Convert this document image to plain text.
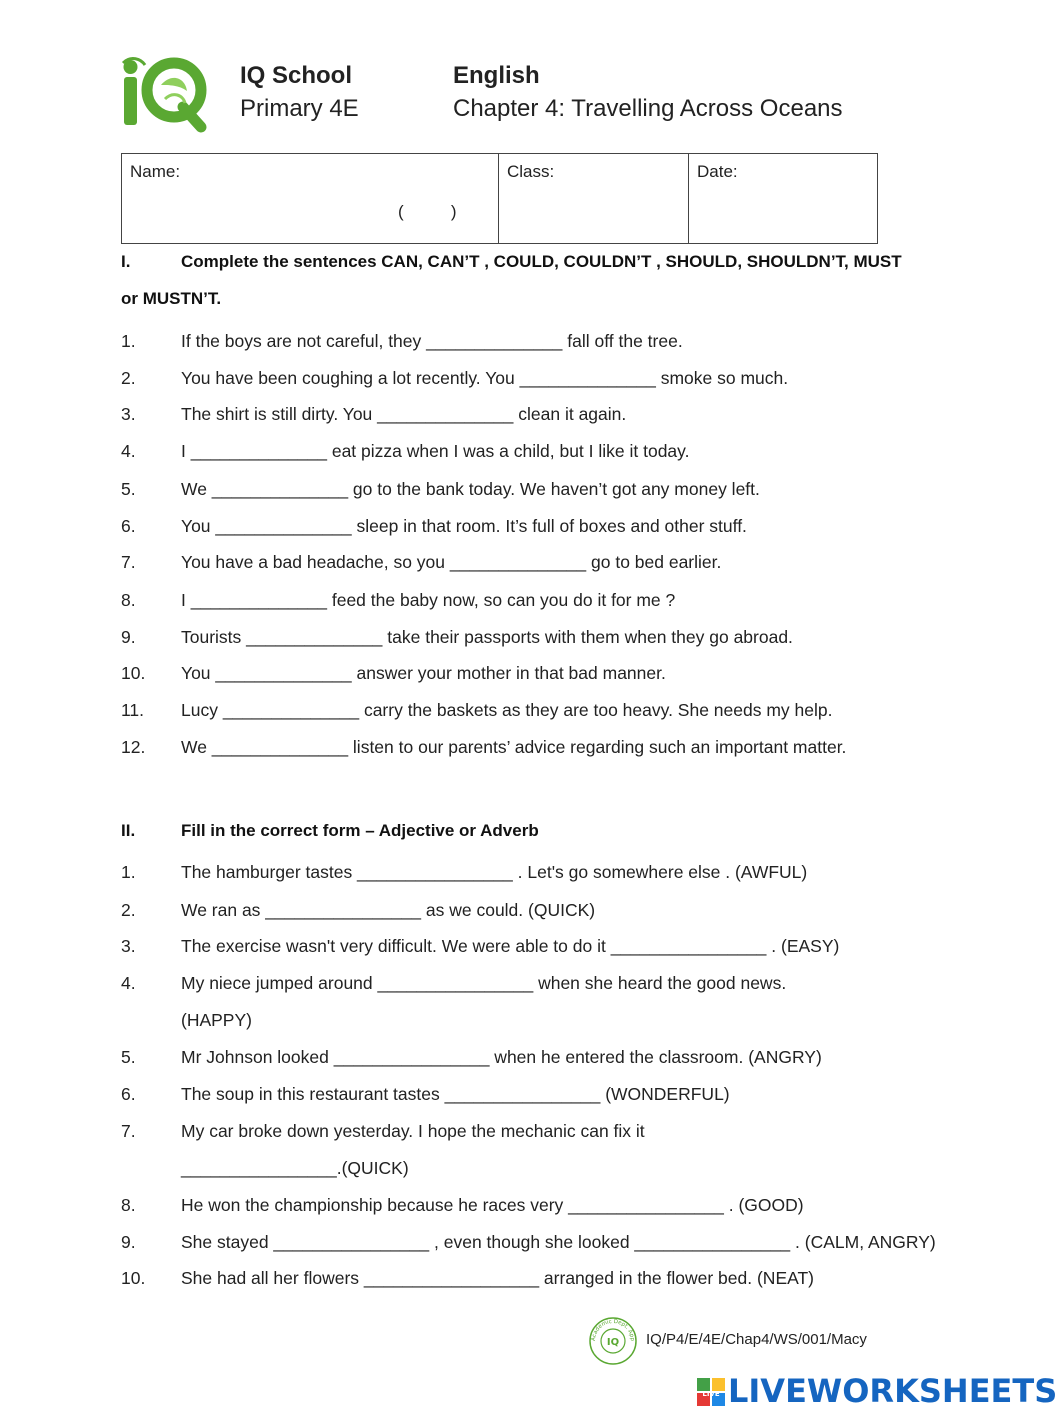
IQ School
Primary 4E
English
Chapter 4: Travelling Across Oceans
Name:	Class:	Date:
(          )
I.	Complete the sentences CAN, CAN’T , COULD, COULDN’T , SHOULD, SHOULDN’T, MUST
or MUSTN’T.
1.	If the boys are not careful, they ______________ fall off the tree.
2.	You have been coughing a lot recently. You ______________ smoke so much.
3.	The shirt is still dirty. You ______________ clean it again.
4.	I ______________ eat pizza when I was a child, but I like it today.
5.	We ______________ go to the bank today. We haven’t got any money left.
6.	You ______________ sleep in that room. It’s full of boxes and other stuff.
7.	You have a bad headache, so you ______________ go to bed earlier.
8.	I ______________ feed the baby now, so can you do it for me ?
9.	Tourists ______________ take their passports with them when they go abroad.
10. You ______________ answer your mother in that bad manner.
11. Lucy ______________ carry the baskets as they are too heavy. She needs my help.
12. We ______________ listen to our parents’ advice regarding such an important matter.
II.	Fill in the correct form – Adjective or Adverb
1.	The hamburger tastes ________________ . Let's go somewhere else . (AWFUL)
2.	We ran as ________________ as we could. (QUICK)
3.	The exercise wasn't very difficult. We were able to do it ________________ . (EASY)
4.	My niece jumped around ________________ when she heard the good news.
(HAPPY)
5.	Mr Johnson looked ________________ when he entered the classroom. (ANGRY)
6.	The soup in this restaurant tastes ________________ (WONDERFUL)
7.	My car broke down yesterday. I hope the mechanic can fix it
________________.(QUICK)
8.	He won the championship because he races very ________________ . (GOOD)
9.	She stayed ________________ , even though she looked ________________ . (CALM, ANGRY)
10. She had all her flowers __________________ arranged in the flower bed. (NEAT)
IQ
Academic Dept. App IQ/P4/E/4E/Chap4/WS/001/Macy
LIVE LIVEWORKSHEETS
